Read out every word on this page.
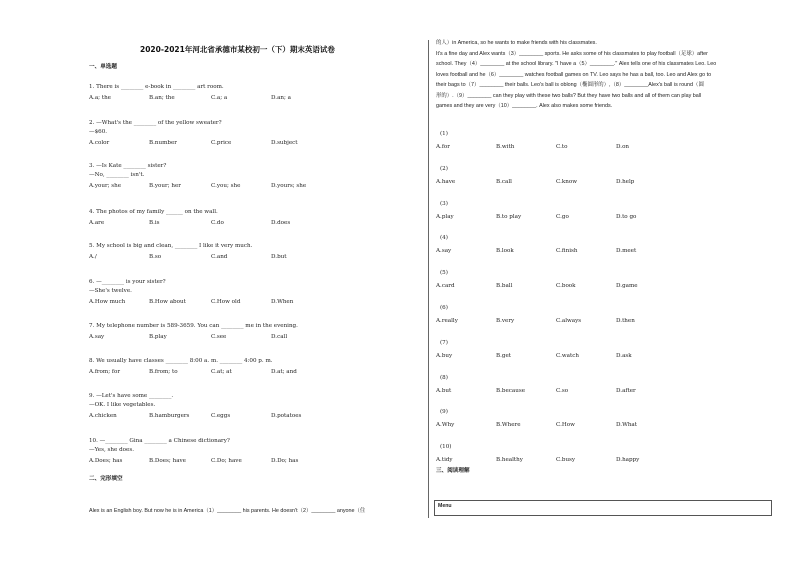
2020-2021年河北省承德市某校初一（下）期末英语试卷
一、单选题
1. There is ________ e-book in ________ art room.
A.a; the	B.an; the	C.a; a	D.an; a
2. —What's the ________ of the yellow sweater?
—$60.
A.color	B.number	C.price	D.subject
3. —Is Kate ________ sister?
—No, ________ isn't.
A.your; she	B.your; her	C.you; she	D.yours; she
4. The photos of my family ______ on the wall.
A.are	B.is	C.do	D.does
5. My school is big and clean, ________ I like it very much.
A./	B.so	C.and	D.but
6. —________ is your sister?
—She's twelve.
A.How much	B.How about	C.How old	D.When
7. My telephone number is 589-3659. You can ________ me in the evening.
A.say	B.play	C.see	D.call
8. We usually have classes ________ 8:00 a. m. ________ 4:00 p. m.
A.from; for	B.from; to	C.at; at	D.at; and
9. —Let's have some ________.
—OK. I like vegetables.
A.chicken	B.hamburgers	C.eggs	D.potatoes
10. —________ Gina ________ a Chinese dictionary?
—Yes, she does.
A.Does; has	B.Does; have	C.Do; have	D.Do; has
二、完形填空
Alex is an English boy. But now he is in America（1）________ his parents. He doesn't（2）________ anyone（住
的人）in America, so he wants to make friends with his classmates.
It's a fine day and Alex wants（3）________ sports. He asks some of his classmates to play football（足球）after
school. They（4）________ at the school library. "I have a（5）________." Alex tells one of his classmates Leo. Leo
loves football and he（6）________ watches football games on TV. Leo says he has a ball, too. Leo and Alex go to
their bags to（7）________ their balls. Leo's ball is oblong（椭圆形的）,（8）________Alex's ball is round（圆
形的）.（9）________ can they play with these two balls? But they have two balls and all of them can play ball
games and they are very（10）________. Alex also makes some friends.
(1)
A.for	B.with	C.to	D.on
(2)
A.have	B.call	C.know	D.help
(3)
A.play	B.to play	C.go	D.to go
(4)
A.say	B.look	C.finish	D.meet
(5)
A.card	B.ball	C.book	D.game
(6)
A.really	B.very	C.always	D.then
(7)
A.buy	B.get	C.watch	D.ask
(8)
A.but	B.because	C.so	D.after
(9)
A.Why	B.Where	C.How	D.What
(10)
A.tidy	B.healthy	C.busy	D.happy
三、阅读理解
Menu
